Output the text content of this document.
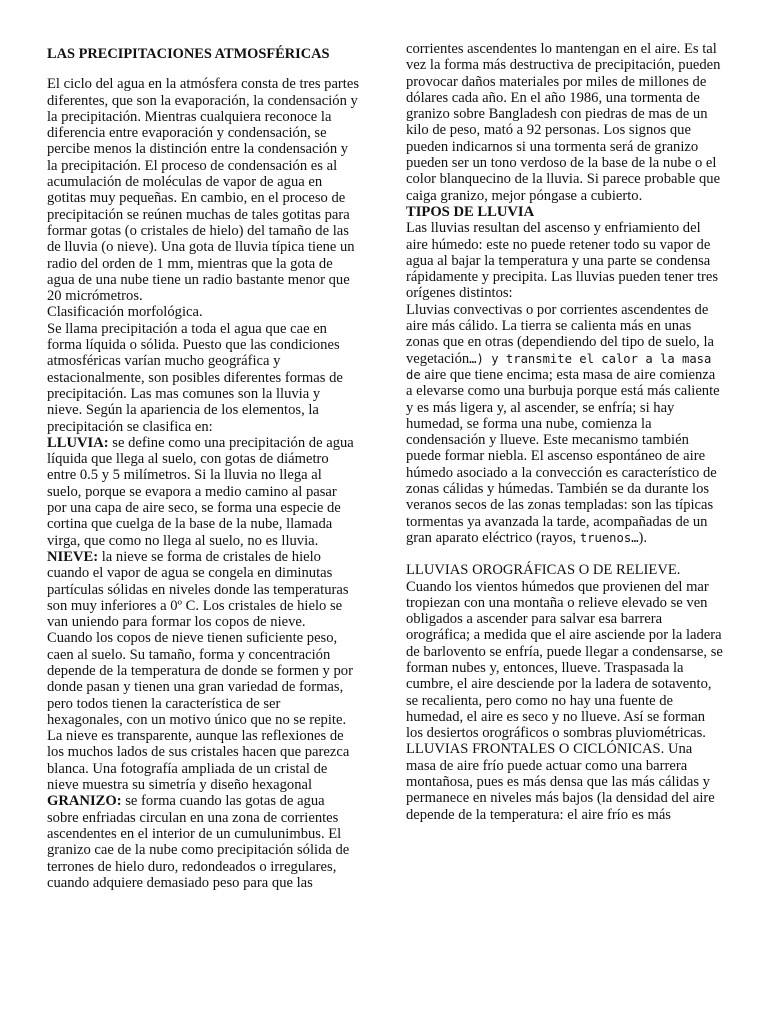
LAS PRECIPITACIONES ATMOSFÉRICAS

El ciclo del agua en la atmósfera consta de tres partes diferentes, que son la evaporación, la condensación y la precipitación. Mientras cualquiera reconoce la diferencia entre evaporación y condensación, se percibe menos la distinción entre la condensación y la precipitación. El proceso de condensación es al acumulación de moléculas de vapor de agua en gotitas muy pequeñas. En cambio, en el proceso de precipitación se reúnen muchas de tales gotitas para formar gotas (o cristales de hielo) del tamaño de las de lluvia (o nieve). Una gota de lluvia típica tiene un radio del orden de 1 mm, mientras que la gota de agua de una nube tiene un radio bastante menor que 20 micrómetros.

Clasificación morfológica.

Se llama precipitación a toda el agua que cae en forma líquida o sólida. Puesto que las condiciones atmosféricas varían mucho geográfica y estacionalmente, son posibles diferentes formas de precipitación. Las mas comunes son la lluvia y nieve. Según la apariencia de los elementos, la precipitación se clasifica en:

LLUVIA: se define como una precipitación de agua líquida que llega al suelo, con gotas de diámetro entre 0.5 y 5 milímetros. Si la lluvia no llega al suelo, porque se evapora a medio camino al pasar por una capa de aire seco, se forma una especie de cortina que cuelga de la base de la nube, llamada virga, que como no llega al suelo, no es lluvia.

NIEVE: la nieve se forma de cristales de hielo cuando el vapor de agua se congela en diminutas partículas sólidas en niveles donde las temperaturas son muy inferiores a 0º C. Los cristales de hielo se van uniendo para formar los copos de nieve.

Cuando los copos de nieve tienen suficiente peso, caen al suelo. Su tamaño, forma y concentración depende de la temperatura de donde se formen y por donde pasan y tienen una gran variedad de formas, pero todos tienen la característica de ser hexagonales, con un motivo único que no se repite.

La nieve es transparente, aunque las reflexiones de los muchos lados de sus cristales hacen que parezca blanca. Una fotografía ampliada de un cristal de nieve muestra su simetría y diseño hexagonal

GRANIZO: se forma cuando las gotas de agua sobre enfriadas circulan en una zona de corrientes ascendentes en el interior de un cumulunimbus. El granizo cae de la nube como precipitación sólida de terrones de hielo duro, redondeados o irregulares, cuando adquiere demasiado peso para que las

corrientes ascendentes lo mantengan en el aire. Es tal vez la forma más destructiva de precipitación, pueden provocar daños materiales por miles de millones de dólares cada año. En el año 1986, una tormenta de granizo sobre Bangladesh con piedras de mas de un kilo de peso, mató a 92 personas. Los signos que pueden indicarnos si una tormenta será de granizo pueden ser un tono verdoso de la base de la nube o el color blanquecino de la lluvia. Si parece probable que caiga granizo, mejor póngase a cubierto.

TIPOS DE LLUVIA

Las lluvias resultan del ascenso y enfriamiento del aire húmedo: este no puede retener todo su vapor de agua al bajar la temperatura y una parte se condensa rápidamente y precipita. Las lluvias pueden tener tres orígenes distintos:

Lluvias convectivas o por corrientes ascendentes de aire más cálido. La tierra se calienta más en unas zonas que en otras (dependiendo del tipo de suelo, la vegetación…) y transmite el calor a la masa de aire que tiene encima; esta masa de aire comienza a elevarse como una burbuja porque está más caliente y es más ligera y, al ascender, se enfría; si hay humedad, se forma una nube, comienza la condensación y llueve. Este mecanismo también puede formar niebla. El ascenso espontáneo de aire húmedo asociado a la convección es característico de zonas cálidas y húmedas. También se da durante los veranos secos de las zonas templadas: son las típicas tormentas ya avanzada la tarde, acompañadas de un gran aparato eléctrico (rayos, truenos…).

LLUVIAS OROGRÁFICAS O DE RELIEVE.

Cuando los vientos húmedos que provienen del mar tropiezan con una montaña o relieve elevado se ven obligados a ascender para salvar esa barrera orográfica; a medida que el aire asciende por la ladera de barlovento se enfría, puede llegar a condensarse, se forman nubes y, entonces, llueve. Traspasada la cumbre, el aire desciende por la ladera de sotavento, se recalienta, pero como no hay una fuente de humedad, el aire es seco y no llueve. Así se forman los desiertos orográficos o sombras pluviométricas.

LLUVIAS FRONTALES O CICLÓNICAS. Una masa de aire frío puede actuar como una barrera montañosa, pues es más densa que las más cálidas y permanece en niveles más bajos (la densidad del aire depende de la temperatura: el aire frío es más
